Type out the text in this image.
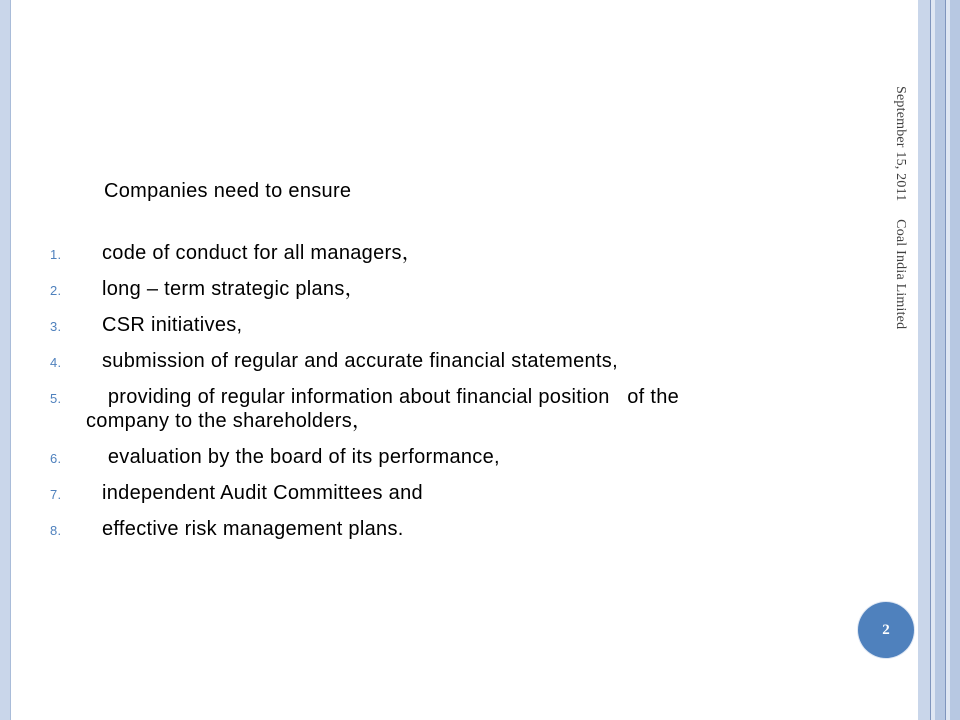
Companies need to ensure
1. code of conduct for all managers，
2. long – term strategic plans，
3. CSR initiatives,
4. submission of regular and accurate financial statements,
5.	providing of regular information about financial position   of the
company to the shareholders，
6. evaluation by the board of its performance,
7. independent Audit Committees and
8. effective risk management plans.
September 15, 2011 Coal India Limited
2
